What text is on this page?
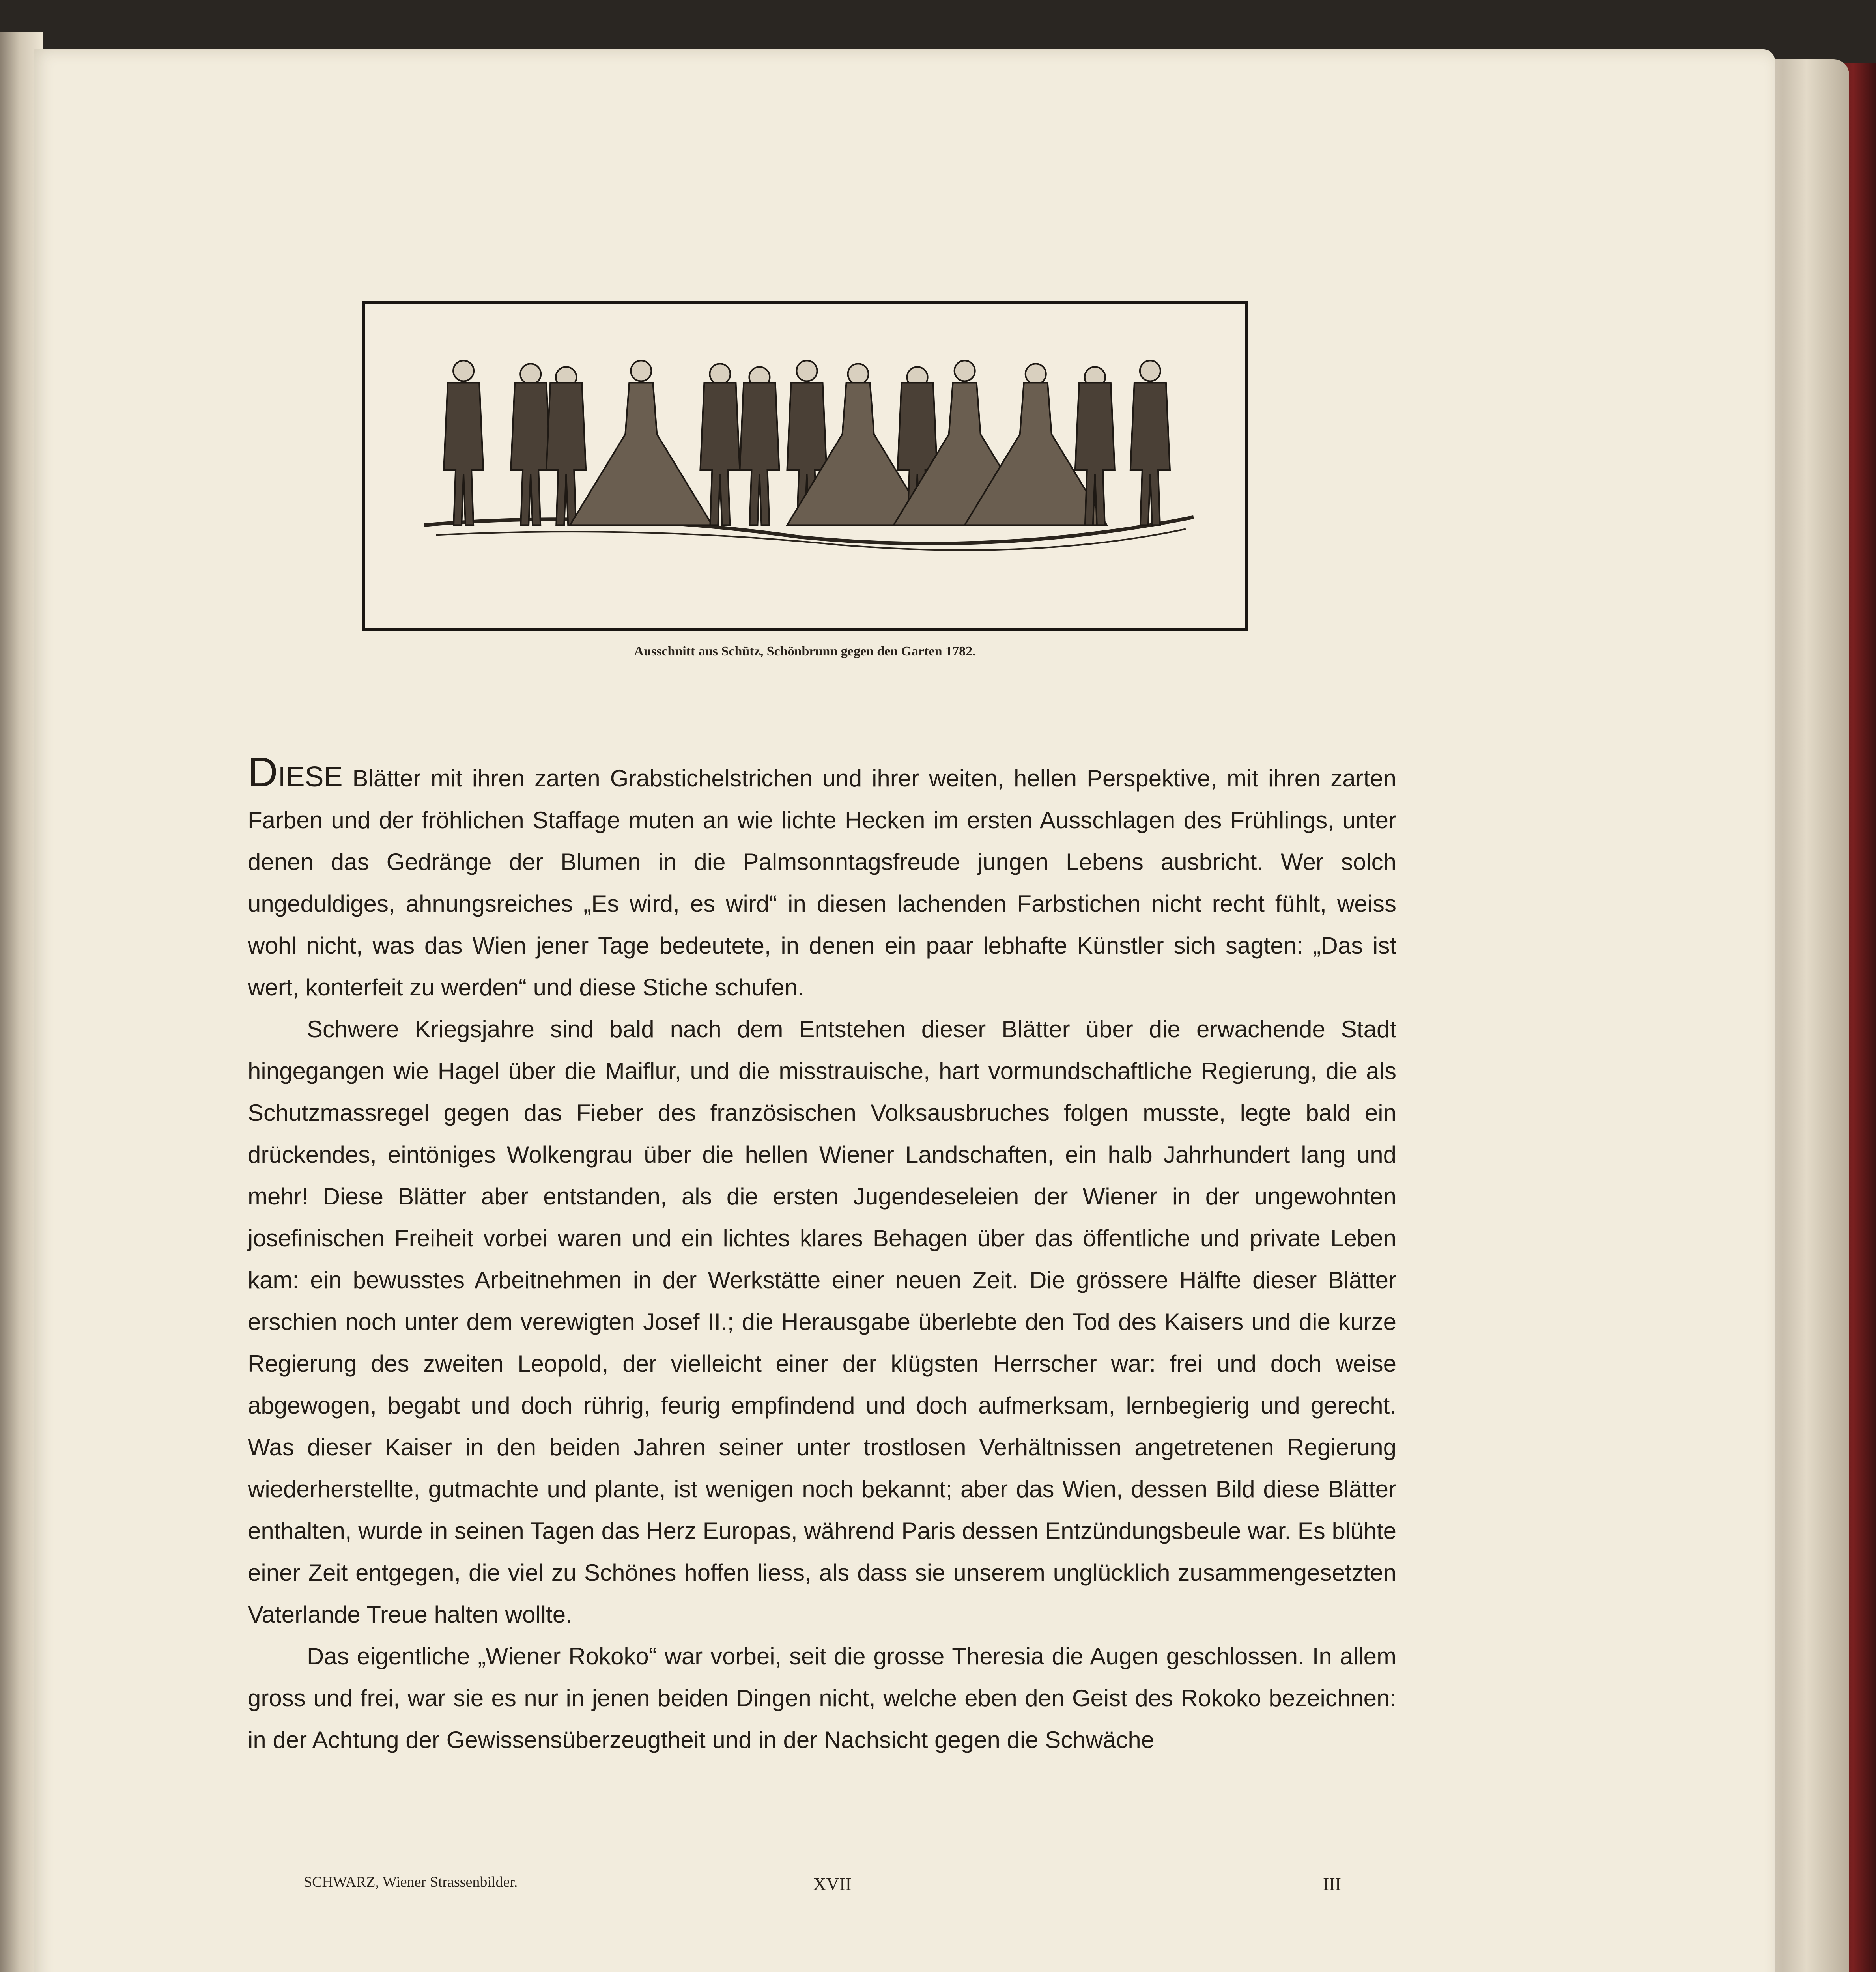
Ausschnitt aus Schütz, Schönbrunn gegen den Garten 1782.

DIESE Blätter mit ihren zarten Grabstichelstrichen und ihrer weiten, hellen Perspektive, mit ihren zarten Farben und der fröhlichen Staffage muten an wie lichte Hecken im ersten Ausschlagen des Frühlings, unter denen das Gedränge der Blumen in die Palmsonntagsfreude jungen Lebens ausbricht. Wer solch ungeduldiges, ahnungsreiches „Es wird, es wird“ in diesen lachenden Farbstichen nicht recht fühlt, weiss wohl nicht, was das Wien jener Tage bedeutete, in denen ein paar lebhafte Künstler sich sagten: „Das ist wert, konterfeit zu werden“ und diese Stiche schufen.

Schwere Kriegsjahre sind bald nach dem Entstehen dieser Blätter über die erwachende Stadt hingegangen wie Hagel über die Maiflur, und die misstrauische, hart vormundschaftliche Regierung, die als Schutzmassregel gegen das Fieber des französischen Volksausbruches folgen musste, legte bald ein drückendes, eintöniges Wolkengrau über die hellen Wiener Landschaften, ein halb Jahrhundert lang und mehr! Diese Blätter aber entstanden, als die ersten Jugendeseleien der Wiener in der ungewohnten josefinischen Freiheit vorbei waren und ein lichtes klares Behagen über das öffentliche und private Leben kam: ein bewusstes Arbeitnehmen in der Werkstätte einer neuen Zeit. Die grössere Hälfte dieser Blätter erschien noch unter dem verewigten Josef II.; die Herausgabe überlebte den Tod des Kaisers und die kurze Regierung des zweiten Leopold, der vielleicht einer der klügsten Herrscher war: frei und doch weise abgewogen, begabt und doch rührig, feurig empfindend und doch aufmerksam, lernbegierig und gerecht. Was dieser Kaiser in den beiden Jahren seiner unter trostlosen Verhältnissen angetretenen Regierung wiederherstellte, gutmachte und plante, ist wenigen noch bekannt; aber das Wien, dessen Bild diese Blätter enthalten, wurde in seinen Tagen das Herz Europas, während Paris dessen Entzündungsbeule war. Es blühte einer Zeit entgegen, die viel zu Schönes hoffen liess, als dass sie unserem unglücklich zusammengesetzten Vaterlande Treue halten wollte.

Das eigentliche „Wiener Rokoko“ war vorbei, seit die grosse Theresia die Augen geschlossen. In allem gross und frei, war sie es nur in jenen beiden Dingen nicht, welche eben den Geist des Rokoko bezeichnen: in der Achtung der Gewissensüberzeugtheit und in der Nachsicht gegen die Schwäche

SCHWARZ, Wiener Strassenbilder.	XVII	III
